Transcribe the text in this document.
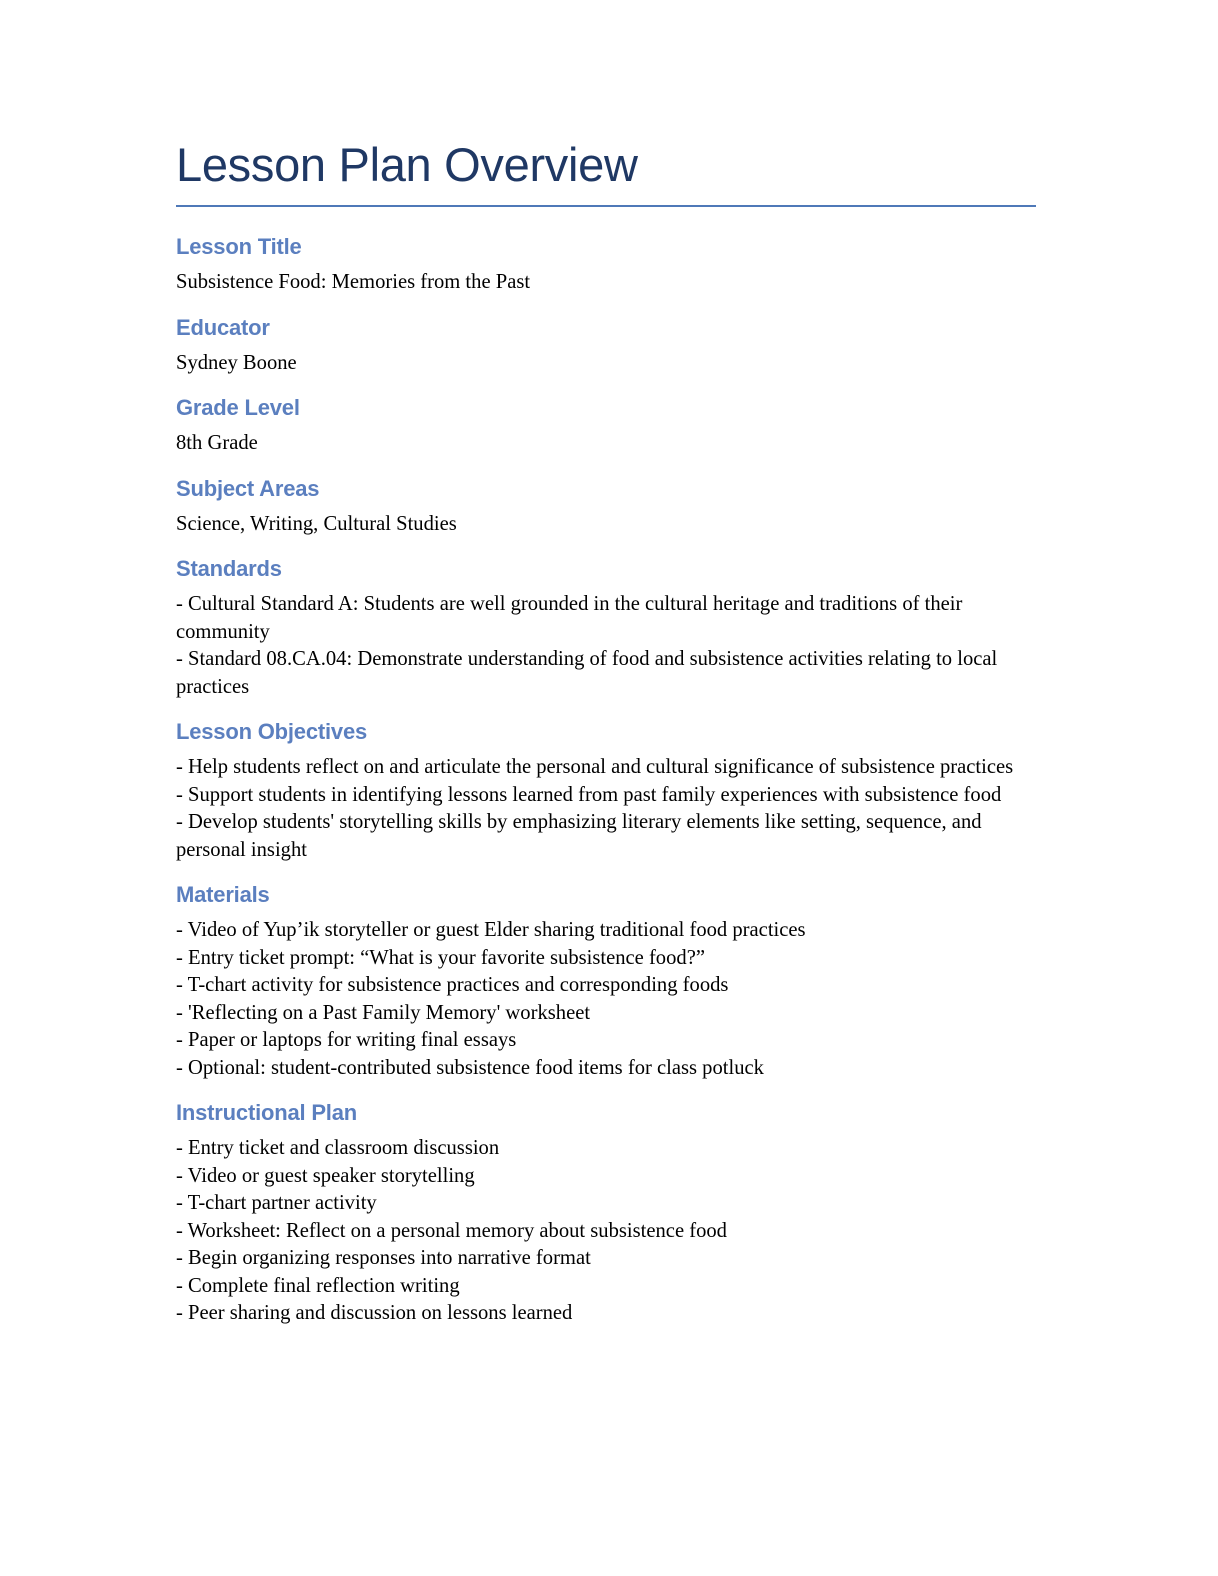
Lesson Plan Overview
Lesson Title
Subsistence Food: Memories from the Past
Educator
Sydney Boone
Grade Level
8th Grade
Subject Areas
Science, Writing, Cultural Studies
Standards
- Cultural Standard A: Students are well grounded in the cultural heritage and traditions of their community
- Standard 08.CA.04: Demonstrate understanding of food and subsistence activities relating to local practices
Lesson Objectives
- Help students reflect on and articulate the personal and cultural significance of subsistence practices
- Support students in identifying lessons learned from past family experiences with subsistence food
- Develop students' storytelling skills by emphasizing literary elements like setting, sequence, and personal insight
Materials
- Video of Yup’ik storyteller or guest Elder sharing traditional food practices
- Entry ticket prompt: “What is your favorite subsistence food?”
- T-chart activity for subsistence practices and corresponding foods
- 'Reflecting on a Past Family Memory' worksheet
- Paper or laptops for writing final essays
- Optional: student-contributed subsistence food items for class potluck
Instructional Plan
- Entry ticket and classroom discussion
- Video or guest speaker storytelling
- T-chart partner activity
- Worksheet: Reflect on a personal memory about subsistence food
- Begin organizing responses into narrative format
- Complete final reflection writing
- Peer sharing and discussion on lessons learned
